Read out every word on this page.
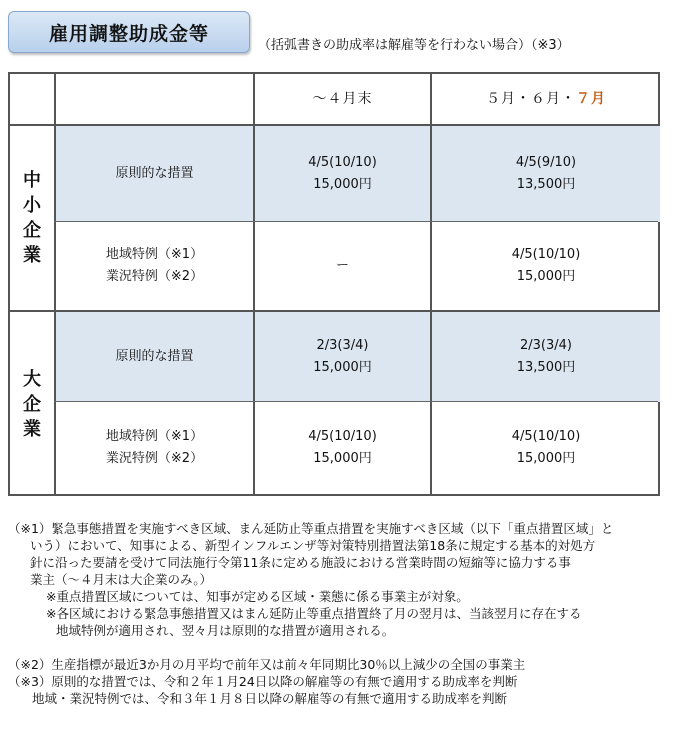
雇用調整助成金等
（括弧書きの助成率は解雇等を行わない場合）（※3）
〜４月末	５月・６月・ ７月
中
小
企
業
大
企
業
原則的な措置
4/5(10/10)
15,000円
4/5(9/10)
13,500円
地域特例（※1）
業況特例（※2）
ー
4/5(10/10)
15,000円
原則的な措置
2/3(3/4)
15,000円
2/3(3/4)
13,500円
地域特例（※1）
業況特例（※2）
4/5(10/10)
15,000円
4/5(10/10)
15,000円
（※1）緊急事態措置を実施すべき区域、まん延防止等重点措置を実施すべき区域（以下「重点措置区域」と
いう）において、知事による、新型インフルエンザ等対策特別措置法第18条に規定する基本的対処方
針に沿った要請を受けて同法施行令第11条に定める施設における営業時間の短縮等に協力する事
業主（〜４月末は大企業のみ。）
※重点措置区域については、知事が定める区域・業態に係る事業主が対象。
※各区域における緊急事態措置又はまん延防止等重点措置終了月の翌月は、当該翌月に存在する
地域特例が適用され、翌々月は原則的な措置が適用される。
（※2）生産指標が最近3か月の月平均で前年又は前々年同期比30％以上減少の全国の事業主
（※3）原則的な措置では、令和２年１月24日以降の解雇等の有無で適用する助成率を判断
地域・業況特例では、令和３年１月８日以降の解雇等の有無で適用する助成率を判断
